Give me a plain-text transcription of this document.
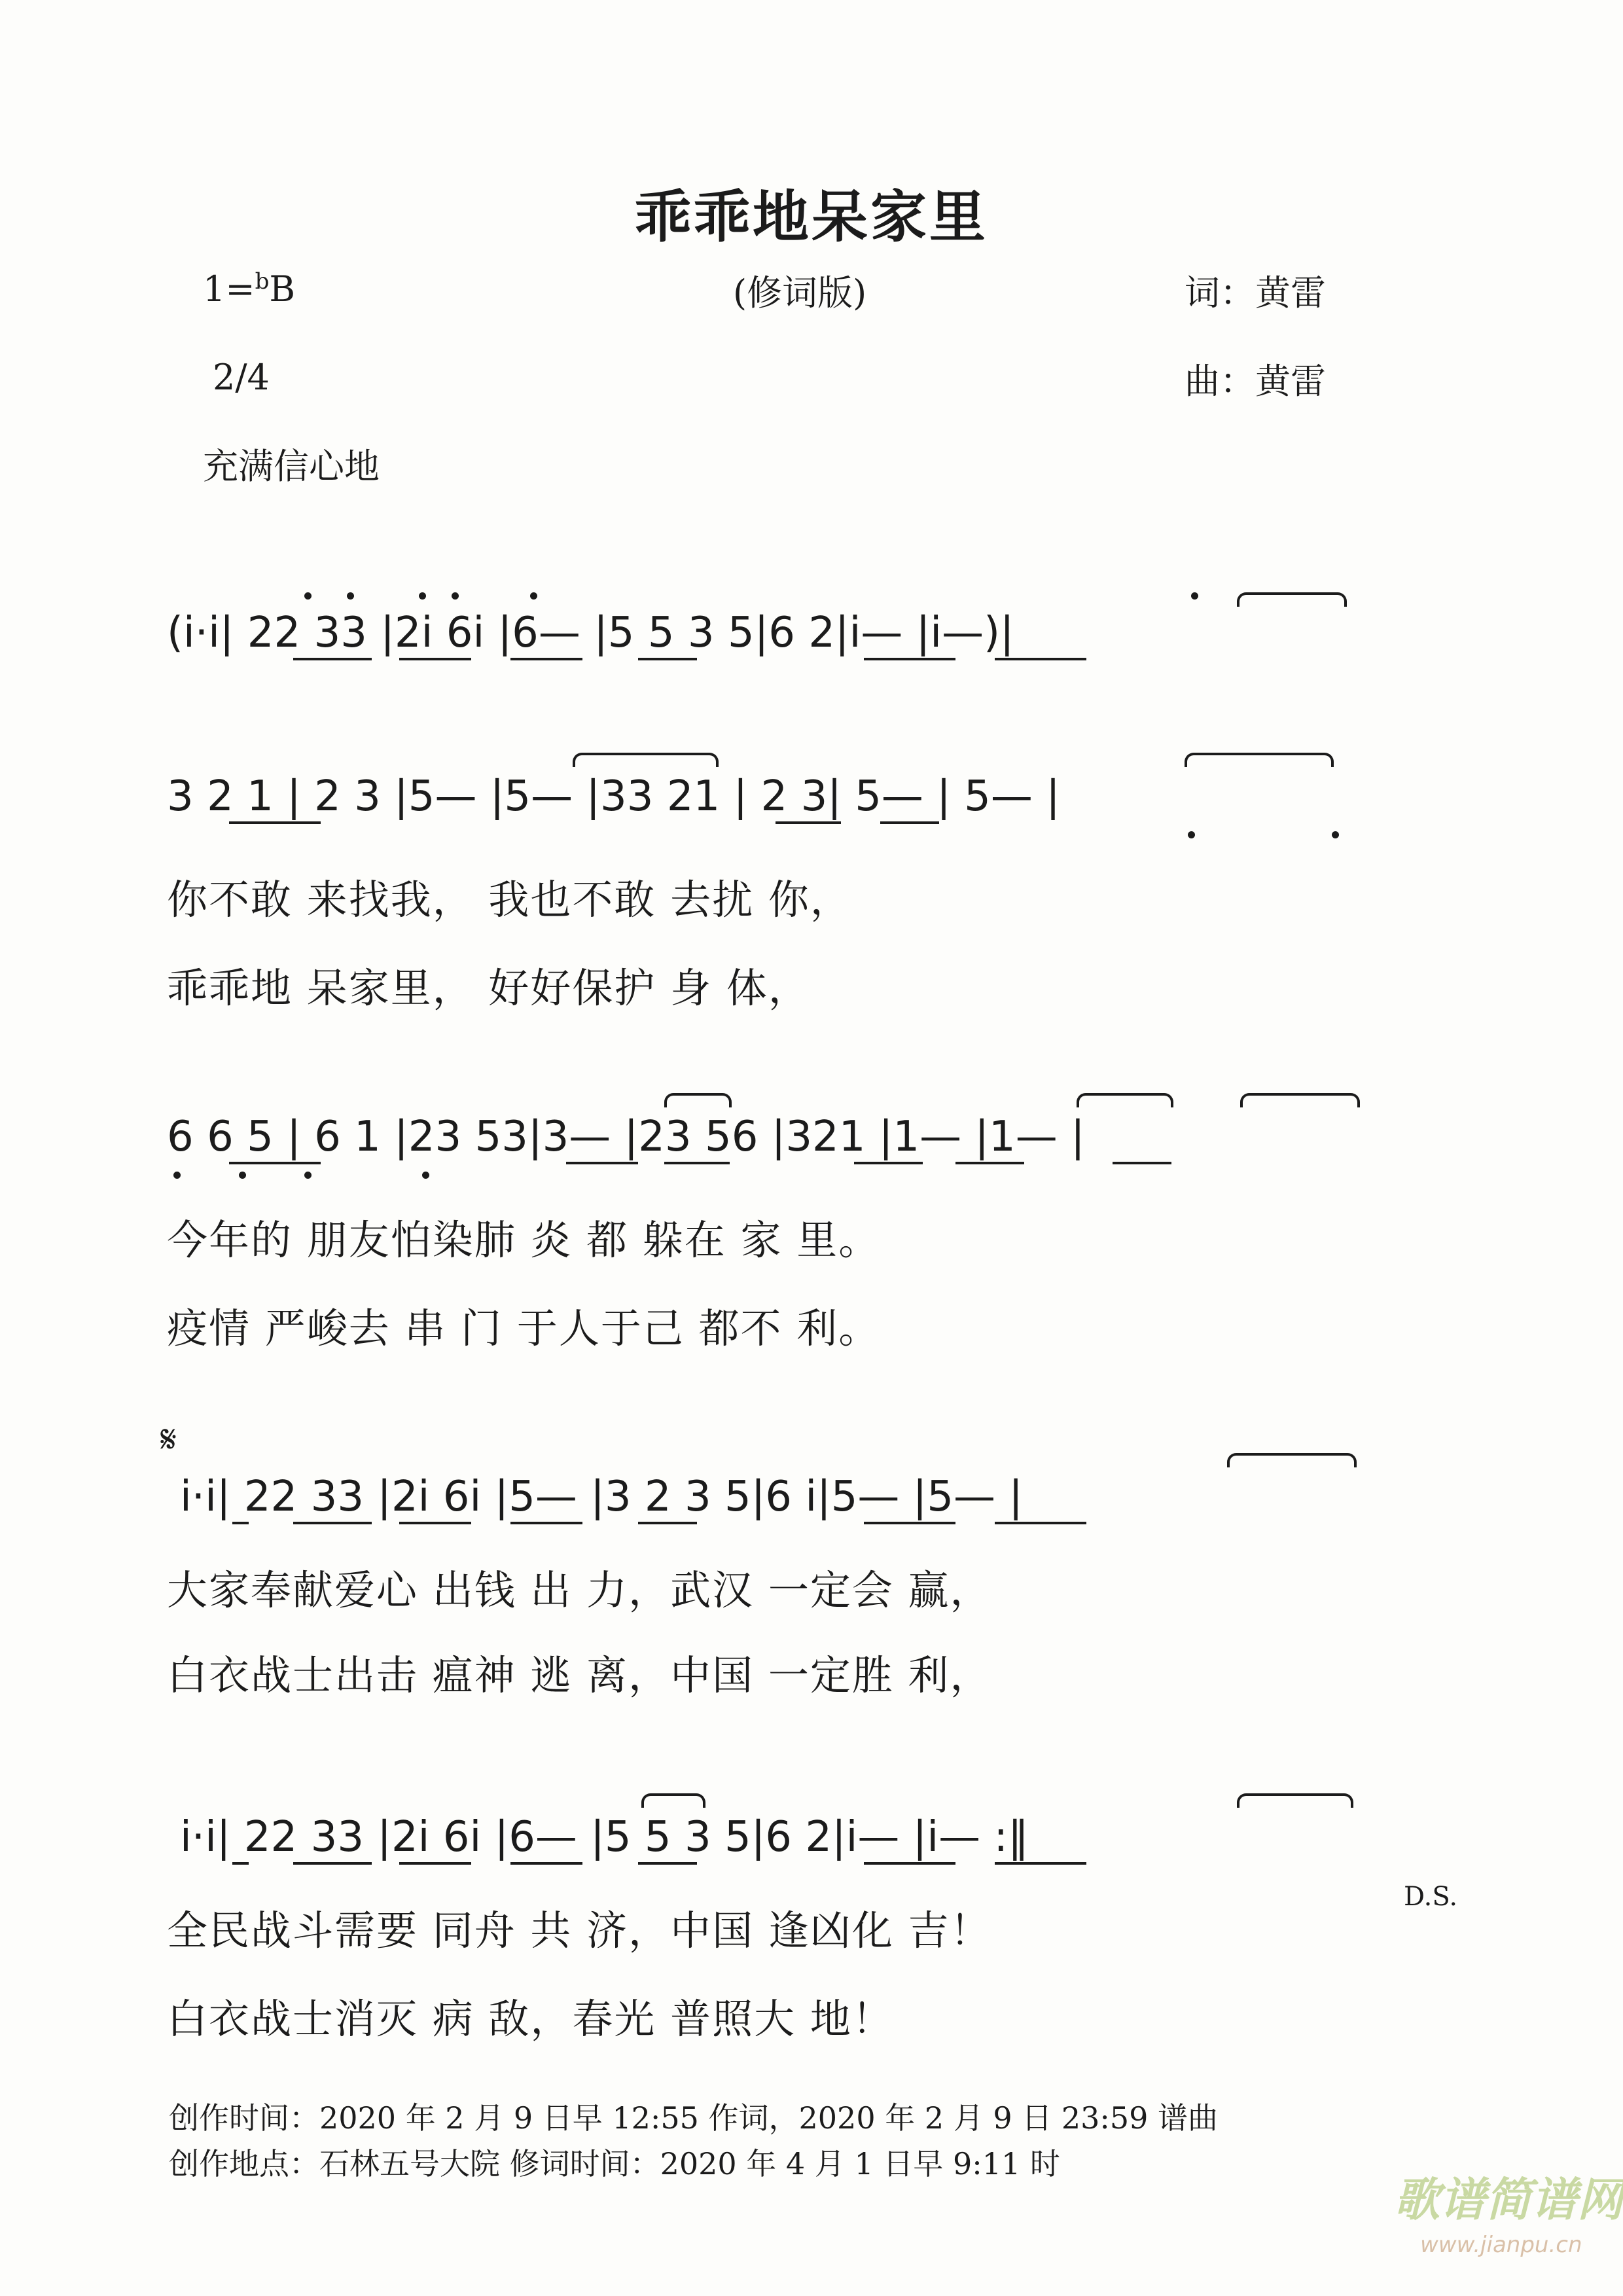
乖乖地呆家里
1=$^b$B	(修词版)	词：黄雷
2/4	曲：黄雷
充满信心地
(i·i| 22 33 |2i 6i |6— |5 5 3 5|6 2|i— |i—)|
3 2 1 | 2 3 |5— |5— |33 21 | 2 3| 5— | 5— |
你不敢 来找我， 我也不敢 去扰 你，
乖乖地 呆家里， 好好保护 身 体，
6 6 5 | 6 1 |23 53|3— |23 56 |321 |1— |1— |
今年的 朋友怕染肺 炎 都 躲在 家 里。
疫情 严峻去 串 门 于人于己 都不 利。
𝄋
i·i| 22 33 |2i 6i |5— |3 2 3 5|6 i|5— |5— |
大家奉献爱心 出钱 出 力，武汉 一定会 赢，
白衣战士出击 瘟神 逃 离，中国 一定胜 利，
i·i| 22 33 |2i 6i |6— |5 5 3 5|6 2|i— |i— :‖
D.S.
全民战斗需要 同舟 共 济，中国 逢凶化 吉！
白衣战士消灭 病 敌，春光 普照大 地！
创作时间：2020 年 2 月 9 日早 12:55 作词，2020 年 2 月 9 日 23:59 谱曲
创作地点：石林五号大院 修词时间：2020 年 4 月 1 日早 9:11 时
歌谱简谱网
www.jianpu.cn
